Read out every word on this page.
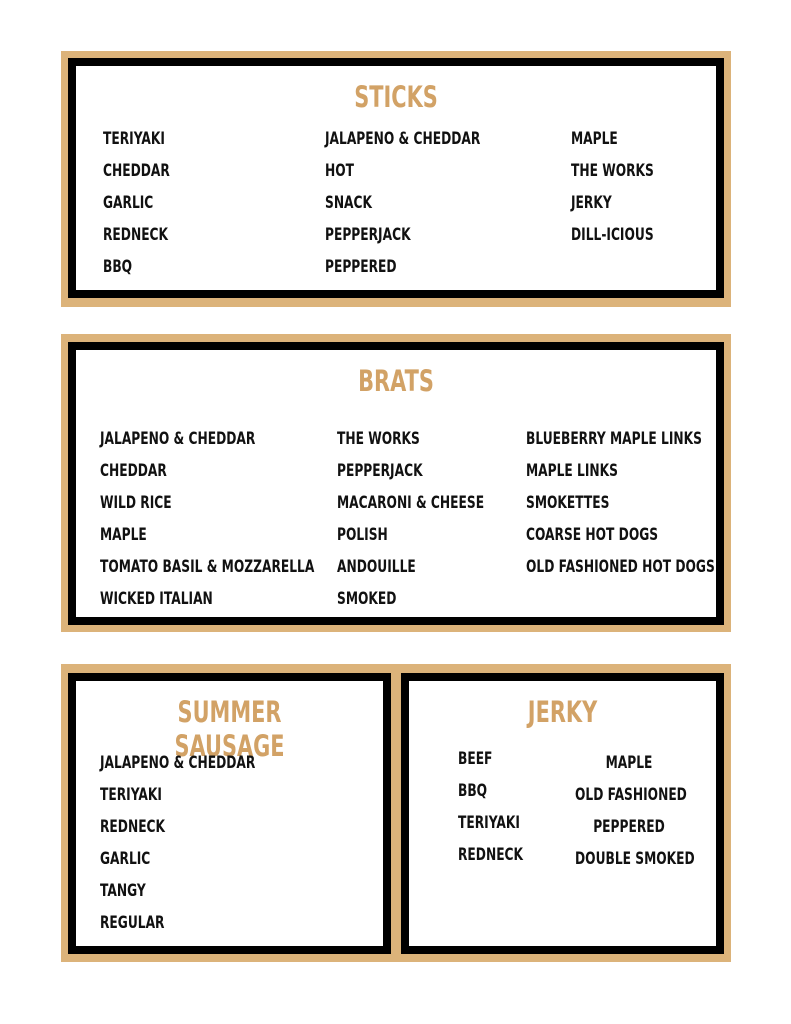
STICKS
TERIYAKI
CHEDDAR
GARLIC
REDNECK
BBQ
JALAPENO & CHEDDAR
HOT
SNACK
PEPPERJACK
PEPPERED
MAPLE
THE WORKS
JERKY
DILL-ICIOUS
BRATS
JALAPENO & CHEDDAR
CHEDDAR
WILD RICE
MAPLE
TOMATO BASIL & MOZZARELLA
WICKED ITALIAN
THE WORKS
PEPPERJACK
MACARONI & CHEESE
POLISH
ANDOUILLE
SMOKED
BLUEBERRY MAPLE LINKS
MAPLE LINKS
SMOKETTES
COARSE HOT DOGS
OLD FASHIONED HOT DOGS
SUMMER SAUSAGE
JALAPENO & CHEDDAR
TERIYAKI
REDNECK
GARLIC
TANGY
REGULAR
JERKY
BEEF
BBQ
TERIYAKI
REDNECK
MAPLE
OLD FASHIONED
PEPPERED
DOUBLE SMOKED
